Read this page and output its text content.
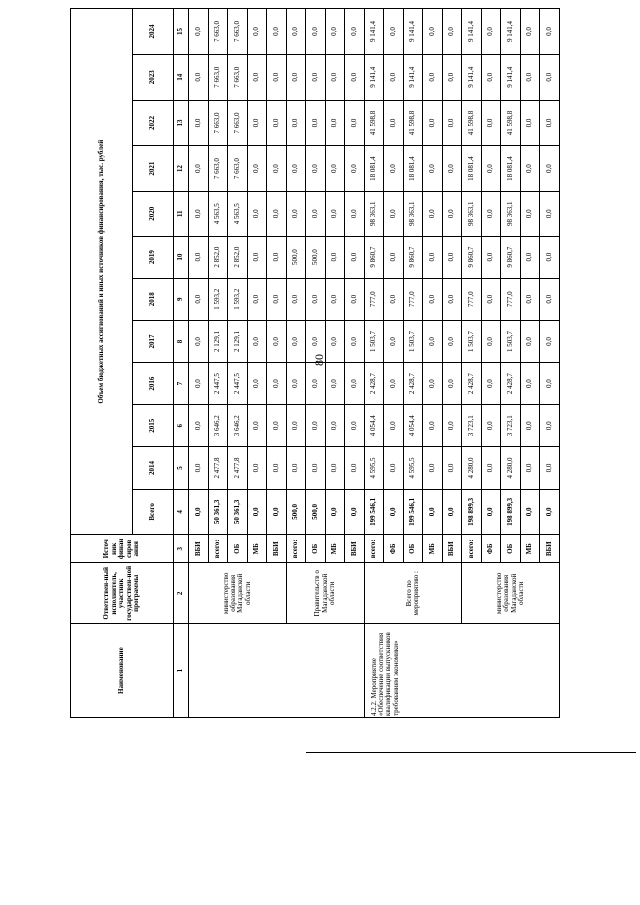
80
Наименование	Ответствен-ный исполнитель, участник государствен-ной программы	Источ ник финан сиров ания	Объем бюджетных ассигнований и иных источников финансирования, тыс. рублей											
			Всего	2014	2015	2016	2017	2018	2019	2020	2021	2022	2023	2024
1	2	3	4	5	6	7	8	9	10	11	12	13	14	15
	министерство образования Магаданской области	ВБИ	0,0	0,0	0,0	0,0	0,0	0,0	0,0	0,0	0,0	0,0	0,0	0,0
		всего:	50 361,3	2 477,8	3 646,2	2 447,5	2 129,1	1 593,2	2 852,0	4 563,5	7 663,0	7 663,0	7 663,0	7 663,0
		ОБ	50 361,3	2 477,8	3 646,2	2 447,5	2 129,1	1 593,2	2 852,0	4 563,5	7 663,0	7 663,0	7 663,0	7 663,0
		МБ	0,0	0,0	0,0	0,0	0,0	0,0	0,0	0,0	0,0	0,0	0,0	0,0
		ВБИ	0,0	0,0	0,0	0,0	0,0	0,0	0,0	0,0	0,0	0,0	0,0	0,0
	Правительств о Магаданской области	всего:	500,0	0,0	0,0	0,0	0,0	0,0	500,0	0,0	0,0	0,0	0,0	0,0
		ОБ	500,0	0,0	0,0	0,0	0,0	0,0	500,0	0,0	0,0	0,0	0,0	0,0
		МБ	0,0	0,0	0,0	0,0	0,0	0,0	0,0	0,0	0,0	0,0	0,0	0,0
		ВБИ	0,0	0,0	0,0	0,0	0,0	0,0	0,0	0,0	0,0	0,0	0,0	0,0
4.2.2. Мероприятие «Обеспечение соответствия квалификации выпускников требованиям экономики»	Всего по мероприятию :	всего:	199 546,1	4 595,5	4 054,4	2 428,7	1 503,7	777,0	9 860,7	98 363,1	18 081,4	41 598,8	9 141,4	9 141,4
		ФБ	0,0	0,0	0,0	0,0	0,0	0,0	0,0	0,0	0,0	0,0	0,0	0,0
		ОБ	199 546,1	4 595,5	4 054,4	2 428,7	1 503,7	777,0	9 860,7	98 363,1	18 081,4	41 598,8	9 141,4	9 141,4
		МБ	0,0	0,0	0,0	0,0	0,0	0,0	0,0	0,0	0,0	0,0	0,0	0,0
		ВБИ	0,0	0,0	0,0	0,0	0,0	0,0	0,0	0,0	0,0	0,0	0,0	0,0
	министерство образования Магаданской области	всего:	198 899,3	4 280,0	3 723,1	2 428,7	1 503,7	777,0	9 860,7	98 363,1	18 081,4	41 598,8	9 141,4	9 141,4
		ФБ	0,0	0,0	0,0	0,0	0,0	0,0	0,0	0,0	0,0	0,0	0,0	0,0
		ОБ	198 899,3	4 280,0	3 723,1	2 428,7	1 503,7	777,0	9 860,7	98 363,1	18 081,4	41 598,8	9 141,4	9 141,4
		МБ	0,0	0,0	0,0	0,0	0,0	0,0	0,0	0,0	0,0	0,0	0,0	0,0
		ВБИ	0,0	0,0	0,0	0,0	0,0	0,0	0,0	0,0	0,0	0,0	0,0	0,0
